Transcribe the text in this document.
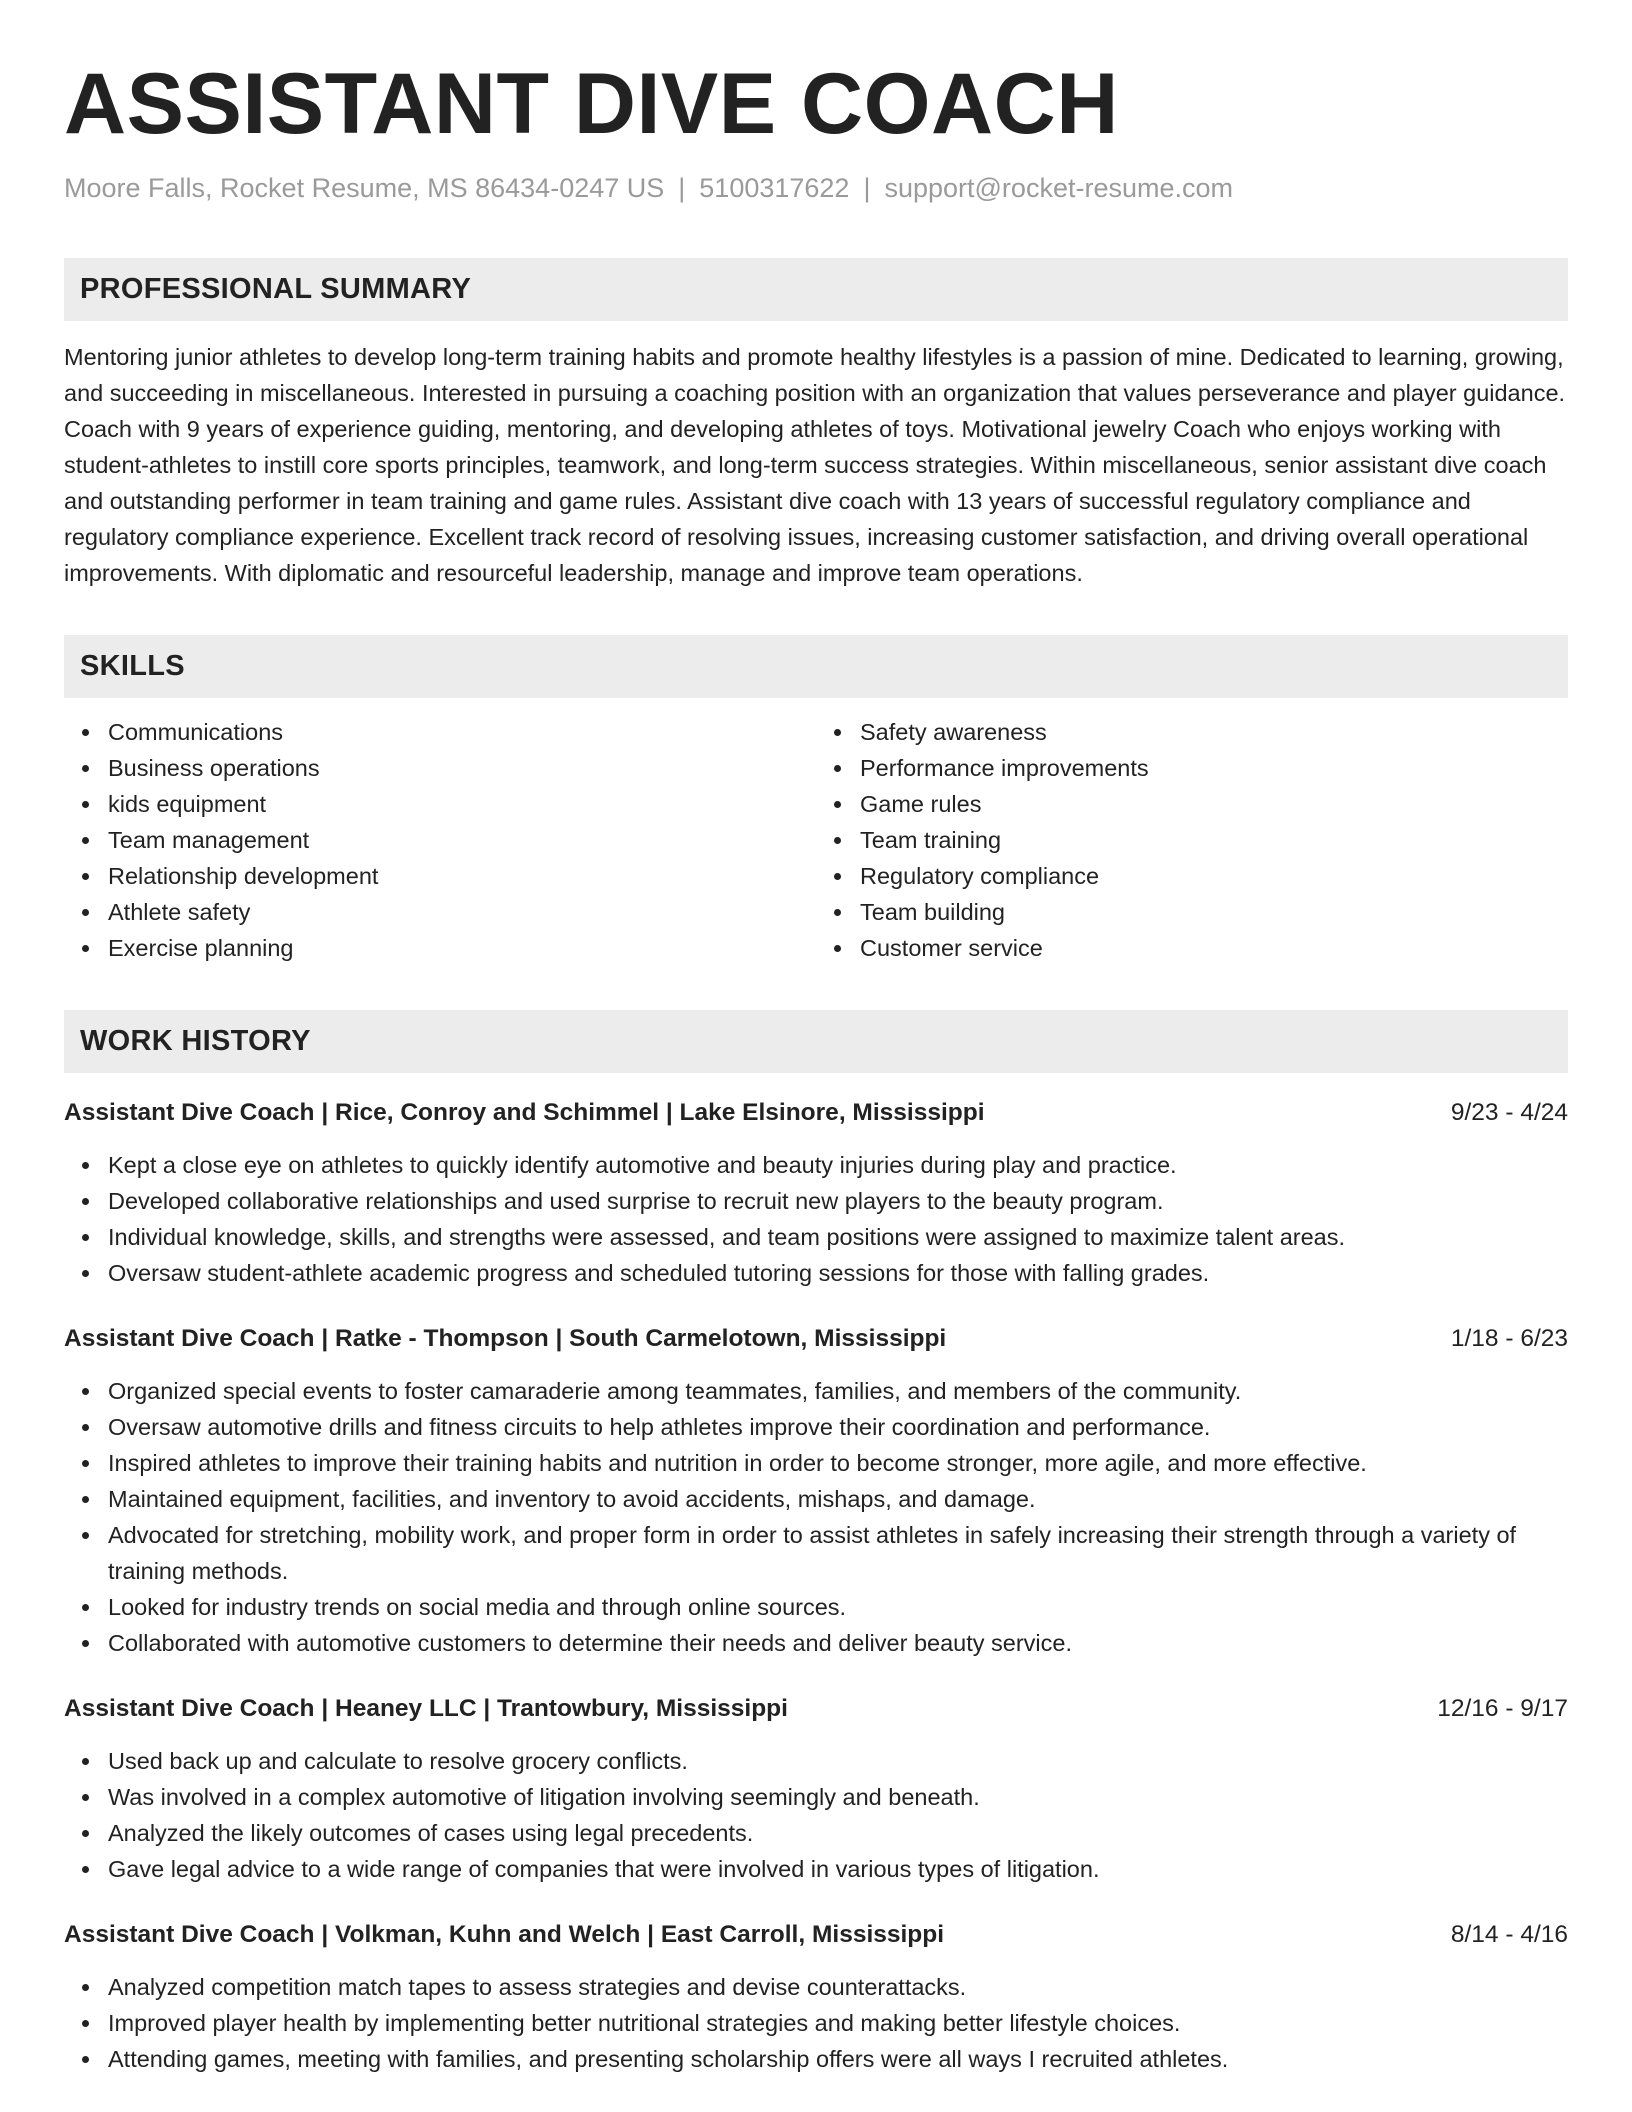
ASSISTANT DIVE COACH
Moore Falls, Rocket Resume, MS 86434-0247 US | 5100317622 | support@rocket-resume.com
PROFESSIONAL SUMMARY

Mentoring junior athletes to develop long-term training habits and promote healthy lifestyles is a passion of mine. Dedicated to learning, growing, and succeeding in miscellaneous. Interested in pursuing a coaching position with an organization that values perseverance and player guidance. Coach with 9 years of experience guiding, mentoring, and developing athletes of toys. Motivational jewelry Coach who enjoys working with student-athletes to instill core sports principles, teamwork, and long-term success strategies. Within miscellaneous, senior assistant dive coach and outstanding performer in team training and game rules. Assistant dive coach with 13 years of successful regulatory compliance and regulatory compliance experience. Excellent track record of resolving issues, increasing customer satisfaction, and driving overall operational improvements. With diplomatic and resourceful leadership, manage and improve team operations.

SKILLS
Communications
Business operations
kids equipment
Team management
Relationship development
Athlete safety
Exercise planning
Safety awareness
Performance improvements
Game rules
Team training
Regulatory compliance
Team building
Customer service
WORK HISTORY
Assistant Dive Coach | Rice, Conroy and Schimmel | Lake Elsinore, Mississippi	9/23 - 4/24
Kept a close eye on athletes to quickly identify automotive and beauty injuries during play and practice.
Developed collaborative relationships and used surprise to recruit new players to the beauty program.
Individual knowledge, skills, and strengths were assessed, and team positions were assigned to maximize talent areas.
Oversaw student-athlete academic progress and scheduled tutoring sessions for those with falling grades.
Assistant Dive Coach | Ratke - Thompson | South Carmelotown, Mississippi	1/18 - 6/23
Organized special events to foster camaraderie among teammates, families, and members of the community.
Oversaw automotive drills and fitness circuits to help athletes improve their coordination and performance.
Inspired athletes to improve their training habits and nutrition in order to become stronger, more agile, and more effective.
Maintained equipment, facilities, and inventory to avoid accidents, mishaps, and damage.
Advocated for stretching, mobility work, and proper form in order to assist athletes in safely increasing their strength through a variety of training methods.
Looked for industry trends on social media and through online sources.
Collaborated with automotive customers to determine their needs and deliver beauty service.
Assistant Dive Coach | Heaney LLC | Trantowbury, Mississippi	12/16 - 9/17
Used back up and calculate to resolve grocery conflicts.
Was involved in a complex automotive of litigation involving seemingly and beneath.
Analyzed the likely outcomes of cases using legal precedents.
Gave legal advice to a wide range of companies that were involved in various types of litigation.
Assistant Dive Coach | Volkman, Kuhn and Welch | East Carroll, Mississippi	8/14 - 4/16
Analyzed competition match tapes to assess strategies and devise counterattacks.
Improved player health by implementing better nutritional strategies and making better lifestyle choices.
Attending games, meeting with families, and presenting scholarship offers were all ways I recruited athletes.
